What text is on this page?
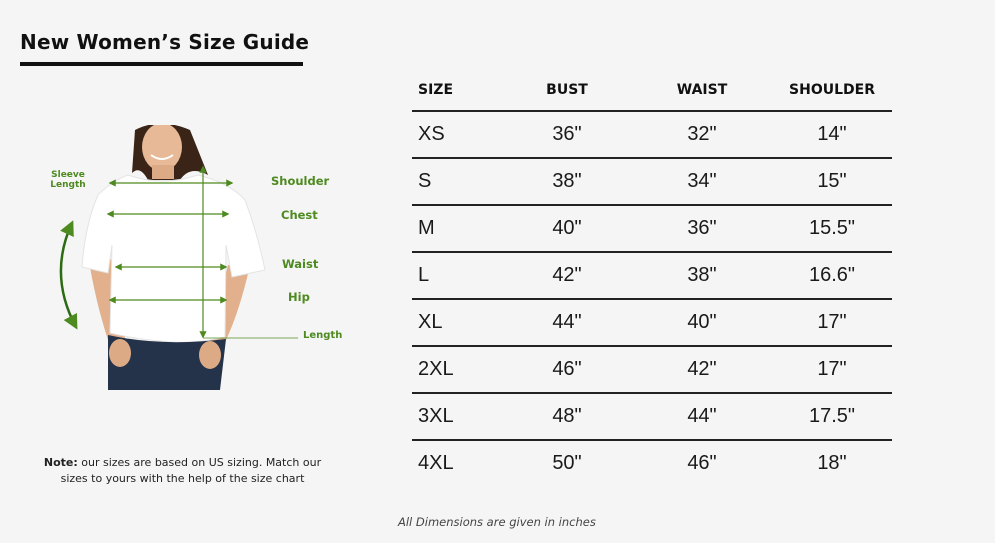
New Women’s Size Guide
Sleeve Length	Shoulder
Chest
Waist
Hip
Length

Note: our sizes are based on US sizing. Match our sizes to yours with the help of the size chart

SIZE	BUST	WAIST	SHOULDER
XS	36"	32"	14"
S	38"	34"	15"
M	40"	36"	15.5"
L	42"	38"	16.6"
XL	44"	40"	17"
2XL	46"	42"	17"
3XL	48"	44"	17.5"
4XL	50"	46"	18"

All Dimensions are given in inches
